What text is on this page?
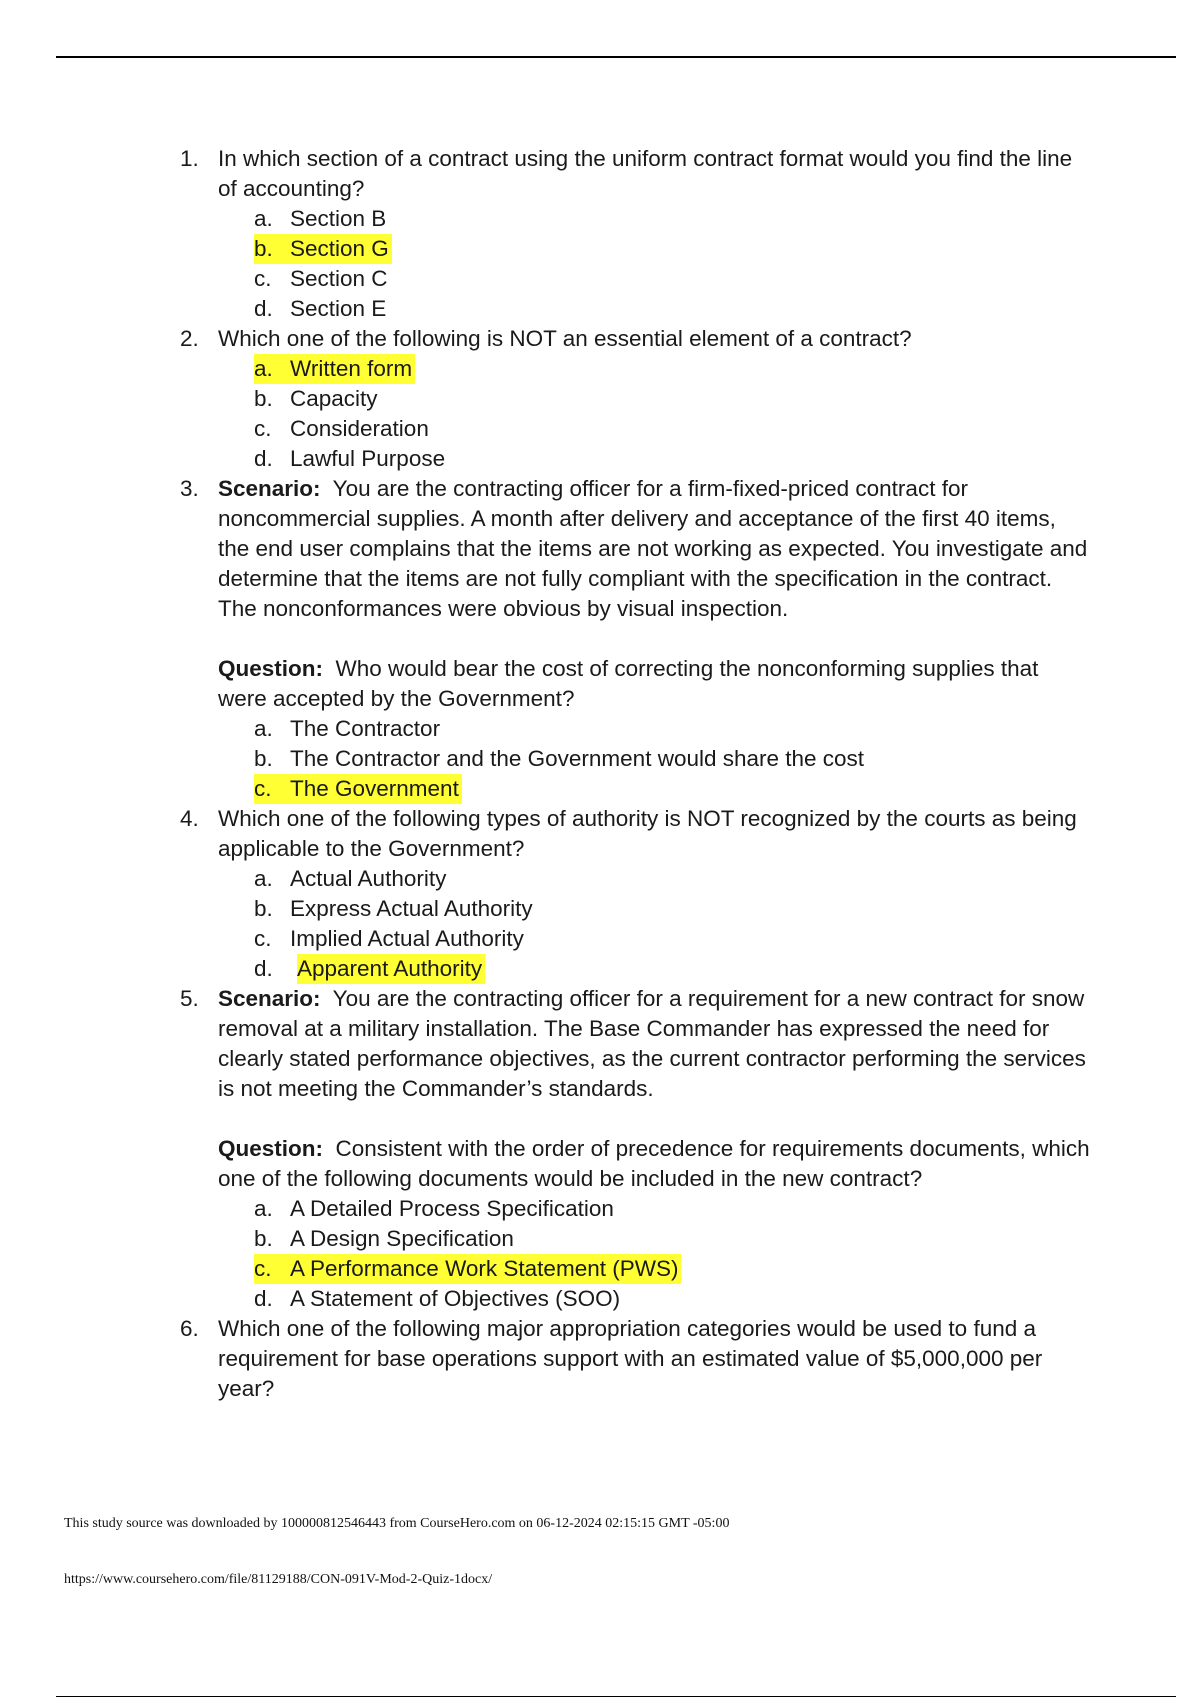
1. In which section of a contract using the uniform contract format would you find the line of accounting?
a. Section B
b. Section G
c. Section C
d. Section E
2. Which one of the following is NOT an essential element of a contract?
a. Written form
b. Capacity
c. Consideration
d. Lawful Purpose
3. Scenario: You are the contracting officer for a firm-fixed-priced contract for noncommercial supplies. A month after delivery and acceptance of the first 40 items, the end user complains that the items are not working as expected. You investigate and determine that the items are not fully compliant with the specification in the contract. The nonconformances were obvious by visual inspection.
Question: Who would bear the cost of correcting the nonconforming supplies that were accepted by the Government?
a. The Contractor
b. The Contractor and the Government would share the cost
c. The Government
4. Which one of the following types of authority is NOT recognized by the courts as being applicable to the Government?
a. Actual Authority
b. Express Actual Authority
c. Implied Actual Authority
d. Apparent Authority
5. Scenario: You are the contracting officer for a requirement for a new contract for snow removal at a military installation. The Base Commander has expressed the need for clearly stated performance objectives, as the current contractor performing the services is not meeting the Commander’s standards.
Question: Consistent with the order of precedence for requirements documents, which one of the following documents would be included in the new contract?
a. A Detailed Process Specification
b. A Design Specification
c. A Performance Work Statement (PWS)
d. A Statement of Objectives (SOO)
6. Which one of the following major appropriation categories would be used to fund a requirement for base operations support with an estimated value of $5,000,000 per year?
This study source was downloaded by 100000812546443 from CourseHero.com on 06-12-2024 02:15:15 GMT -05:00
https://www.coursehero.com/file/81129188/CON-091V-Mod-2-Quiz-1docx/
